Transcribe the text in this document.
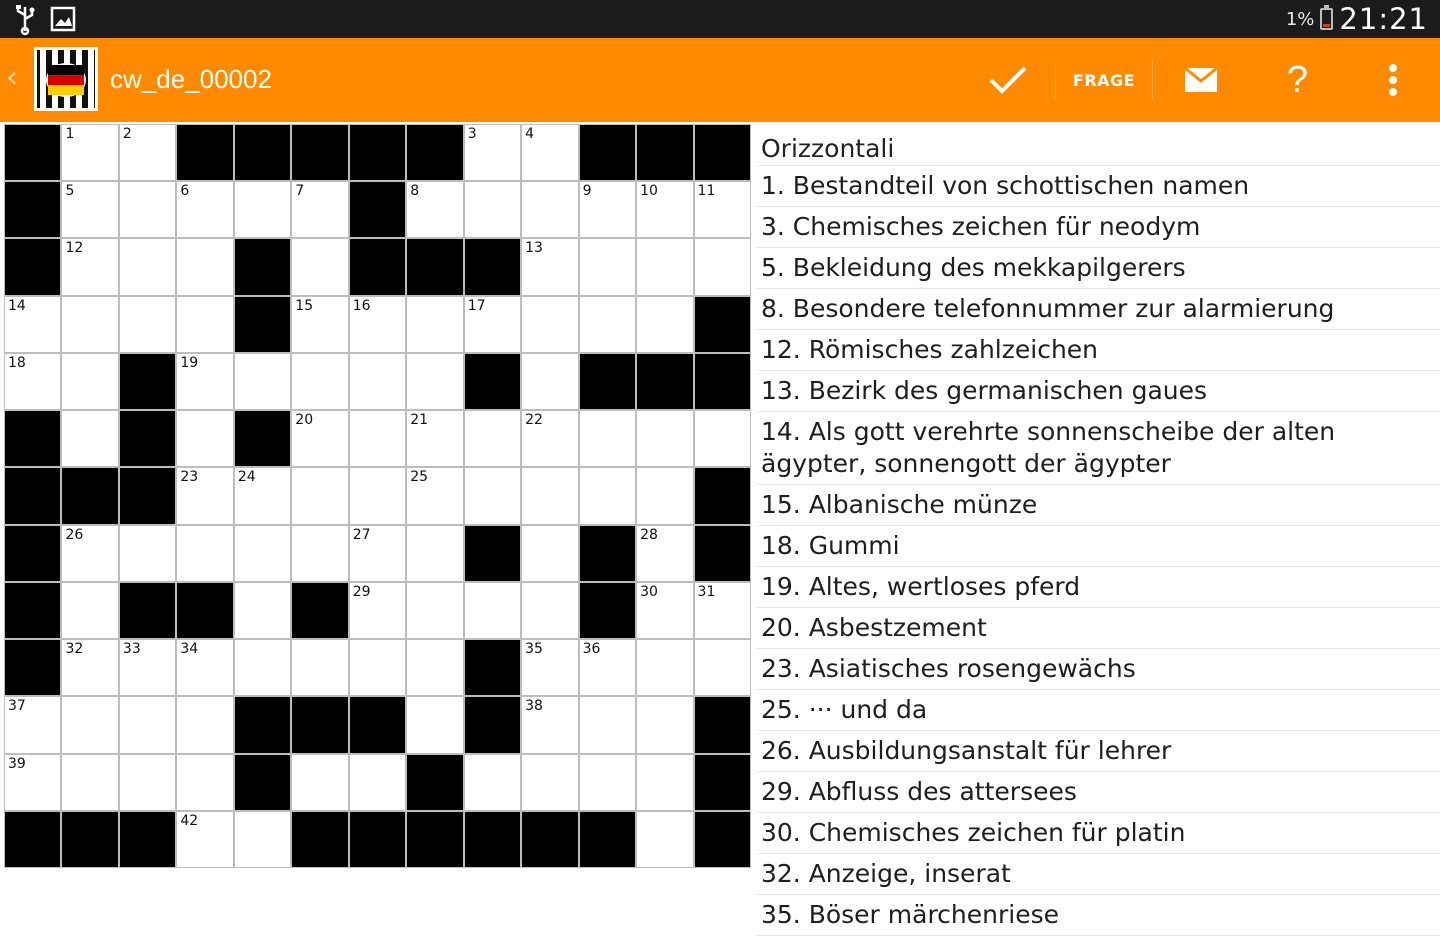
1% 21:21
‹	cw_de_00002	FRAGE	?
1	2	3	4
5	6	7	8	9	10	11
12	13
14	15	16	17
18	19
20	21	22
23	24	25
26	27	28
29	30	31
32	33	34	35	36
37	38
39
42
Orizzontali
1. Bestandteil von schottischen namen
3. Chemisches zeichen für neodym
5. Bekleidung des mekkapilgerers
8. Besondere telefonnummer zur alarmierung
12. Römisches zahlzeichen
13. Bezirk des germanischen gaues
14. Als gott verehrte sonnenscheibe der alten ägypter, sonnengott der ägypter
15. Albanische münze
18. Gummi
19. Altes, wertloses pferd
20. Asbestzement
23. Asiatisches rosengewächs
25. ··· und da
26. Ausbildungsanstalt für lehrer
29. Abfluss des attersees
30. Chemisches zeichen für platin
32. Anzeige, inserat
35. Böser märchenriese
